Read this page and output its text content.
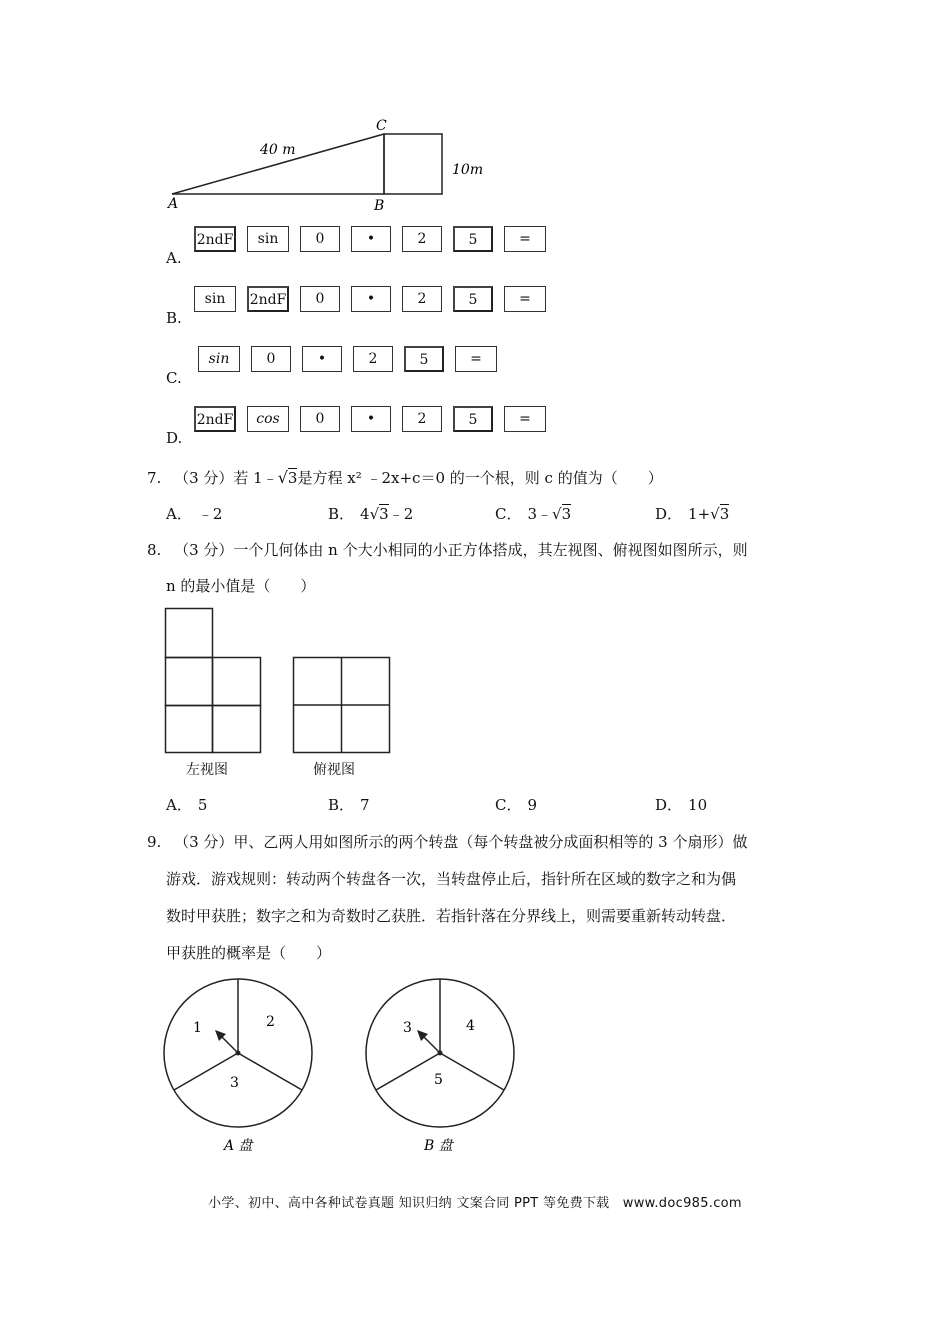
40 m
10m
A	B
C
A.
2ndF	sin	0	•	2	5	=
B.
sin	2ndF	0	•	2	5	=
C.
sin	0	•	2	5	=
D.
2ndF	cos	0	•	2	5	=
7. （3 分）若 1﹣√3是方程 x² ﹣2x+c＝0 的一个根，则 c 的值为（　　）
A． ﹣2	B． 4√3﹣2	C． 3﹣√3	D． 1+√3
8. （3 分）一个几何体由 n 个大小相同的小正方体搭成，其左视图、俯视图如图所示，则
n 的最小值是（　　）
左视图	俯视图
A． 5	B． 7	C． 9	D． 10
9. （3 分）甲、乙两人用如图所示的两个转盘（每个转盘被分成面积相等的 3 个扇形）做
游戏．游戏规则：转动两个转盘各一次，当转盘停止后，指针所在区域的数字之和为偶
数时甲获胜；数字之和为奇数时乙获胜．若指针落在分界线上，则需要重新转动转盘．
甲获胜的概率是（　　）
1	2
3
A 盘
3	4
5
B 盘
小学、初中、高中各种试卷真题 知识归纳 文案合同 PPT 等免费下载　www.doc985.com
